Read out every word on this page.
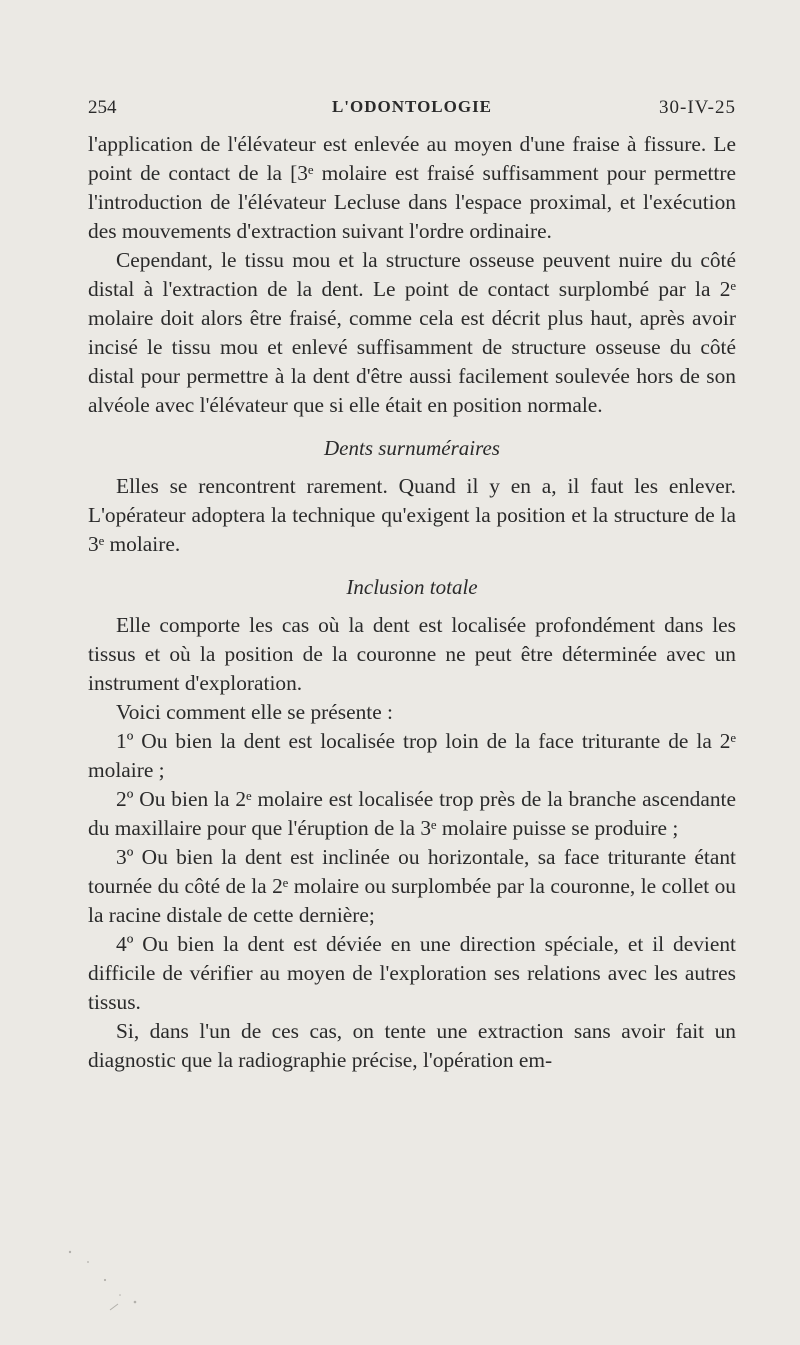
254	L'ODONTOLOGIE	30-IV-25

l'application de l'élévateur est enlevée au moyen d'une fraise à fissure. Le point de contact de la [3ᵉ molaire est fraisé suffisamment pour permettre l'introduction de l'élévateur Lecluse dans l'espace proximal, et l'exécution des mouvements d'extraction suivant l'ordre ordinaire.

Cependant, le tissu mou et la structure osseuse peuvent nuire du côté distal à l'extraction de la dent. Le point de contact surplombé par la 2ᵉ molaire doit alors être fraisé, comme cela est décrit plus haut, après avoir incisé le tissu mou et enlevé suffisamment de structure osseuse du côté distal pour permettre à la dent d'être aussi facilement soulevée hors de son alvéole avec l'élévateur que si elle était en position normale.

Dents surnuméraires

Elles se rencontrent rarement. Quand il y en a, il faut les enlever. L'opérateur adoptera la technique qu'exigent la position et la structure de la 3ᵉ molaire.

Inclusion totale

Elle comporte les cas où la dent est localisée profondément dans les tissus et où la position de la couronne ne peut être déterminée avec un instrument d'exploration.

Voici comment elle se présente :

1º Ou bien la dent est localisée trop loin de la face triturante de la 2ᵉ molaire ;

2º Ou bien la 2ᵉ molaire est localisée trop près de la branche ascendante du maxillaire pour que l'éruption de la 3ᵉ molaire puisse se produire ;

3º Ou bien la dent est inclinée ou horizontale, sa face triturante étant tournée du côté de la 2ᵉ molaire ou surplombée par la couronne, le collet ou la racine distale de cette dernière;

4º Ou bien la dent est déviée en une direction spéciale, et il devient difficile de vérifier au moyen de l'exploration ses relations avec les autres tissus.

Si, dans l'un de ces cas, on tente une extraction sans avoir fait un diagnostic que la radiographie précise, l'opération em-
